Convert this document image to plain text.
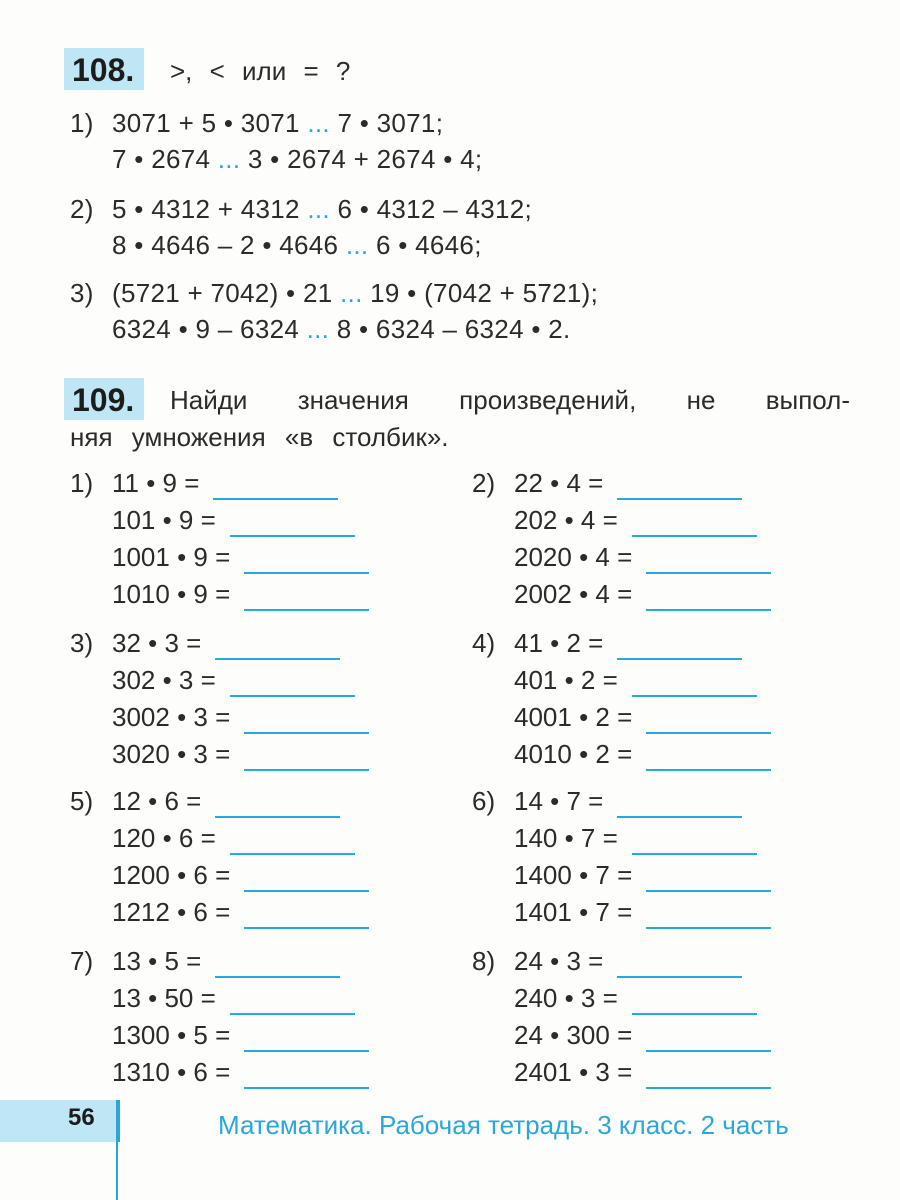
108.	>, < или = ?
1) 3071 + 5 • 3071 ... 7 • 3071;
7 • 2674 ... 3 • 2674 + 2674 • 4;
2) 5 • 4312 + 4312 ... 6 • 4312 – 4312;
8 • 4646 – 2 • 4646 ... 6 • 4646;
3) (5721 + 7042) • 21 ... 19 • (7042 + 5721);
6324 • 9 – 6324 ... 8 • 6324 – 6324 • 2.
109.	Найди значения произведений, не выпол-
няя умножения «в столбик».
1) 11 • 9 =
101 • 9 =
1001 • 9 =
1010 • 9 =
2) 22 • 4 =
202 • 4 =
2020 • 4 =
2002 • 4 =
3) 32 • 3 =
302 • 3 =
3002 • 3 =
3020 • 3 =
4) 41 • 2 =
401 • 2 =
4001 • 2 =
4010 • 2 =
5) 12 • 6 =
120 • 6 =
1200 • 6 =
1212 • 6 =
6) 14 • 7 =
140 • 7 =
1400 • 7 =
1401 • 7 =
7) 13 • 5 =
13 • 50 =
1300 • 5 =
1310 • 6 =
8) 24 • 3 =
240 • 3 =
24 • 300 =
2401 • 3 =
56	Математика. Рабочая тетрадь. 3 класс. 2 часть
